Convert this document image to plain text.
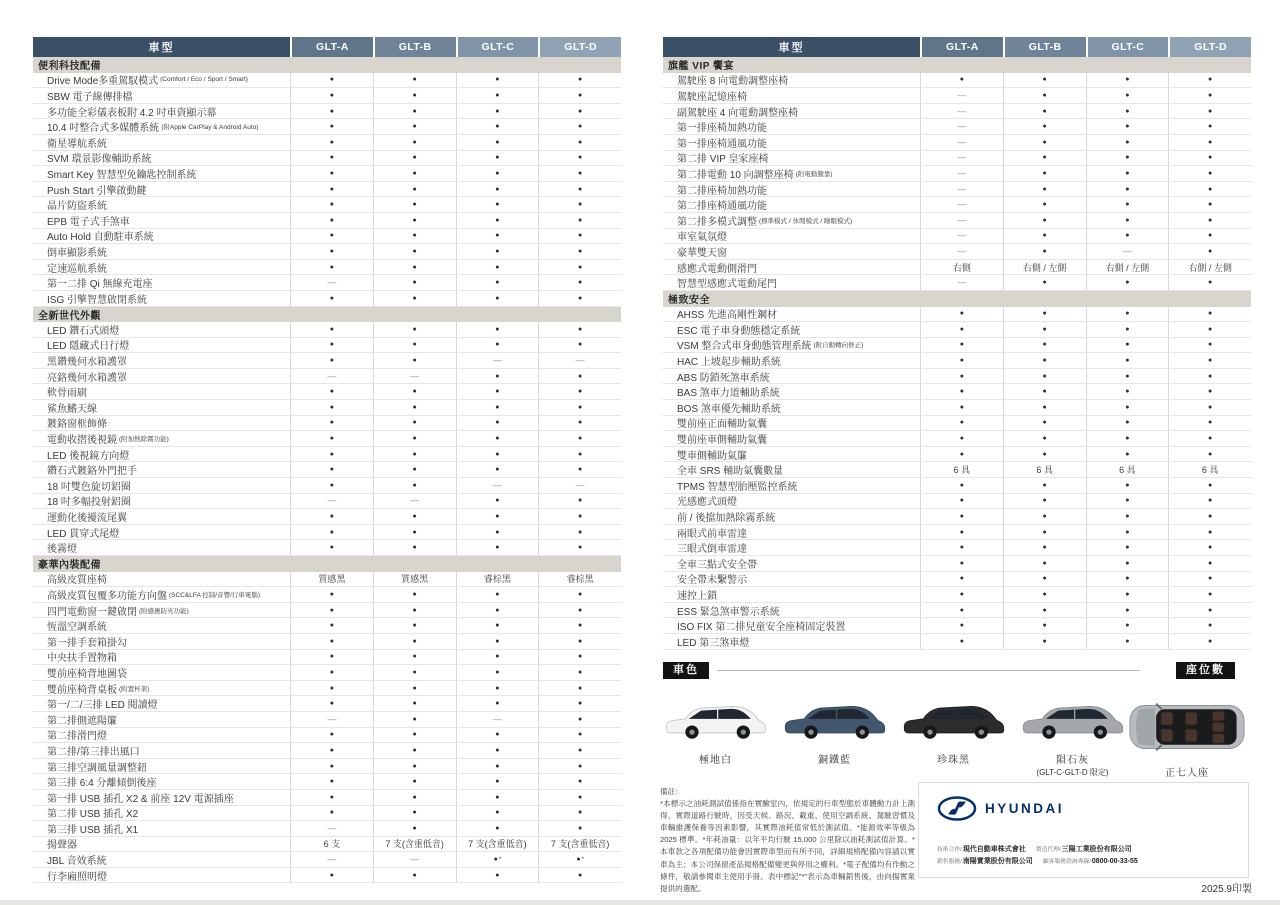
車型	GLT-A	GLT-B	GLT-C	GLT-D
便利科技配備
Drive Mode多重駕馭模式 (Comfort / Eco / Sport / Smart)	●	●	●	●
SBW 電子線傳排檔	●	●	●	●
多功能全彩儀表板附 4.2 吋車資顯示幕	●	●	●	●
10.4 吋整合式多媒體系統 (附Apple CarPlay & Android Auto)	●	●	●	●
衛星導航系統	●	●	●	●
SVM 環景影像輔助系統	●	●	●	●
Smart Key 智慧型免鑰匙控制系統	●	●	●	●
Push Start 引擎啟動鍵	●	●	●	●
晶片防盜系統	●	●	●	●
EPB 電子式手煞車	●	●	●	●
Auto Hold 自動駐車系統	●	●	●	●
倒車顯影系統	●	●	●	●
定速巡航系統	●	●	●	●
第一二排 Qi 無線充電座	—	●	●	●
ISG 引擎智慧啟閉系統	●	●	●	●
全新世代外觀
LED 鑽石式頭燈	●	●	●	●
LED 隱藏式日行燈	●	●	●	●
黑鑽幾何水箱護罩	●	●	—	—
亮鉻幾何水箱護罩	—	—	●	●
軟骨雨刷	●	●	●	●
鯊魚鰭天線	●	●	●	●
鍍鉻窗框飾條	●	●	●	●
電動收摺後視鏡 (附加熱除霧功能)	●	●	●	●
LED 後視鏡方向燈	●	●	●	●
鑽石式鍍鉻外門把手	●	●	●	●
18 吋雙色旋切鋁圈	●	●	—	—
18 吋多幅投射鋁圈	—	—	●	●
運動化後擾流尾翼	●	●	●	●
LED 貫穿式尾燈	●	●	●	●
後霧燈	●	●	●	●
豪華內裝配備
高級皮質座椅	質感黑	質感黑	睿棕黑	睿棕黑
高級皮質包覆多功能方向盤 (SCC&LFA 控制/音響/行車電腦)	●	●	●	●
四門電動窗一鍵啟閉 (附感應防夾功能)	●	●	●	●
恆溫空調系統	●	●	●	●
第一排手套箱掛勾	●	●	●	●
中央扶手置物箱	●	●	●	●
雙前座椅背地圖袋	●	●	●	●
雙前座椅背桌板 (附置杯架)	●	●	●	●
第一/二/三排 LED 閱讀燈	●	●	●	●
第二排側遮陽簾	—	●	—	●
第二排滑門燈	●	●	●	●
第二排/第三排出風口	●	●	●	●
第三排空調風量調整鈕	●	●	●	●
第三排 6:4 分離傾倒後座	●	●	●	●
第一排 USB 插孔 X2 & 前座 12V 電源插座	●	●	●	●
第二排 USB 插孔 X2	●	●	●	●
第三排 USB 插孔 X1	—	●	●	●
揚聲器	6 支	7 支(含重低音)	7 支(含重低音)	7 支(含重低音)
JBL 音效系統	—	—	● *	● *
行李廂照明燈	●	●	●	●
車型	GLT-A	GLT-B	GLT-C	GLT-D
旗艦 VIP 饗宴
駕駛座 8 向電動調整座椅	●	●	●	●
駕駛座記憶座椅	—	●	●	●
副駕駛座 4 向電動調整座椅	—	●	●	●
第一排座椅加熱功能	—	●	●	●
第一排座椅通風功能	—	●	●	●
第二排 VIP 皇家座椅	—	●	●	●
第二排電動 10 向調整座椅 (附電動腿靠)	—	●	●	●
第二排座椅加熱功能	—	●	●	●
第二排座椅通風功能	—	●	●	●
第二排多模式調整 (標準模式 / 休閒模式 / 睡眠模式)	—	●	●	●
車室氣氛燈	—	●	●	●
豪華雙天窗	—	●	—	●
感應式電動側滑門	右側	右側 / 左側	右側 / 左側	右側 / 左側
智慧型感應式電動尾門	—	●	●	●
極致安全
AHSS 先進高剛性鋼材	●	●	●	●
ESC 電子車身動態穩定系統	●	●	●	●
VSM 整合式車身動態管理系統 (附自動轉向修正)	●	●	●	●
HAC 上坡起步輔助系統	●	●	●	●
ABS 防鎖死煞車系統	●	●	●	●
BAS 煞車力道輔助系統	●	●	●	●
BOS 煞車優先輔助系統	●	●	●	●
雙前座正面輔助氣囊	●	●	●	●
雙前座車側輔助氣囊	●	●	●	●
雙車側輔助氣簾	●	●	●	●
全車 SRS 輔助氣囊數量	6 具	6 具	6 具	6 具
TPMS 智慧型胎壓監控系統	●	●	●	●
光感應式頭燈	●	●	●	●
前 / 後擋加熱除霧系統	●	●	●	●
兩眼式前車雷達	●	●	●	●
三眼式倒車雷達	●	●	●	●
全車三點式安全帶	●	●	●	●
安全帶未繫警示	●	●	●	●
速控上鎖	●	●	●	●
ESS 緊急煞車警示系統	●	●	●	●
ISO FIX 第二排兒童安全座椅固定裝置	●	●	●	●
LED 第三煞車燈	●	●	●	●
車色	座位數
極地白	銅鐵藍	珍珠黑	隕石灰
(GLT-C·GLT-D 限定)	正七人座
備註：
*本標示之油耗測試值係指在實驗室內，依規定的行車型態於車體動力計上測得。實際道路行駛時，因受天候、路況、載重、使用空調系統、駕駛習慣及車輛維護保養等因素影響，其實際油耗值常低於測試值。*能源效率等級為 2025 標準。*年耗油量：以年平均行駛 15,000 公里除以油耗測試值計算。*本車款之各項配備功能會因實際車型而有所不同，詳細規格配備內容請以實車為主；本公司保留產品規格配備變更與停用之權利。*電子配備均有作動之條件，敬請參閱車主使用手冊。表中標記"*"表示為車輛銷售後，由向揚實業提供的選配。
HYUNDAI
技術合作/現代自動車株式會社 製造代理/三陽工業股份有限公司
銷售服務/南陽實業股份有限公司 顧客服務諮詢專線/0800-00-33-55
2025.9印製
